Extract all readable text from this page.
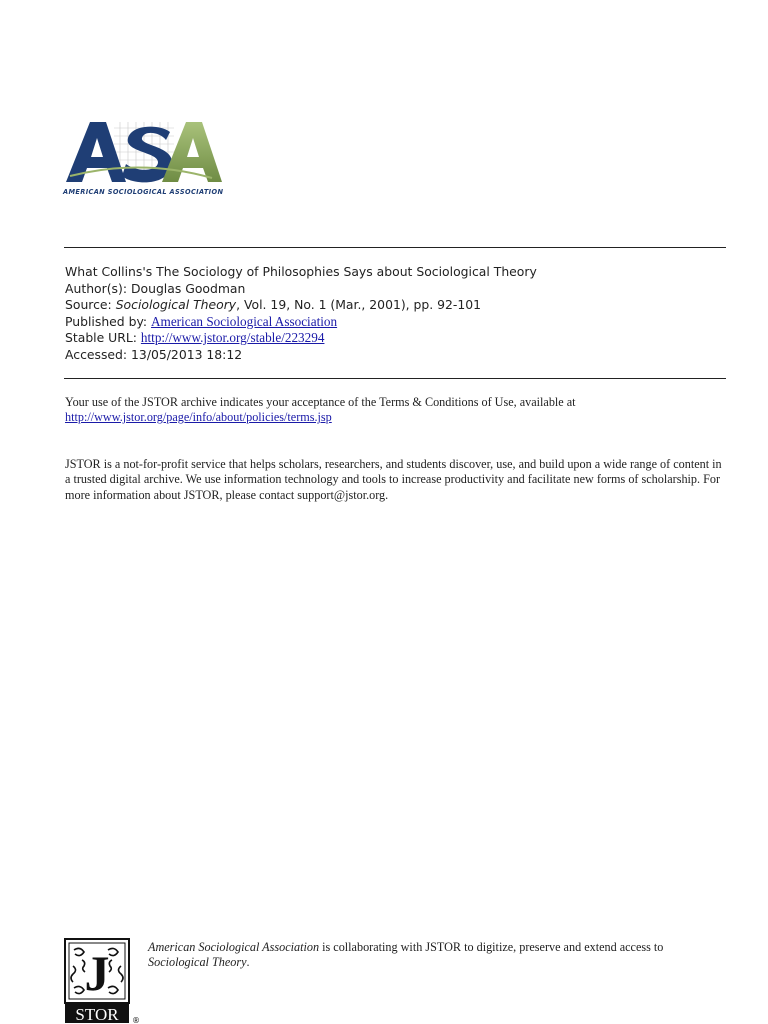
AMERICAN SOCIOLOGICAL ASSOCIATION
What Collins's The Sociology of Philosophies Says about Sociological Theory
Author(s): Douglas Goodman
Source: Sociological Theory, Vol. 19, No. 1 (Mar., 2001), pp. 92-101
Published by: American Sociological Association
Stable URL: http://www.jstor.org/stable/223294
Accessed: 13/05/2013 18:12
Your use of the JSTOR archive indicates your acceptance of the Terms & Conditions of Use, available at
http://www.jstor.org/page/info/about/policies/terms.jsp
JSTOR is a not-for-profit service that helps scholars, researchers, and students discover, use, and build upon a wide range of content in a trusted digital archive. We use information technology and tools to increase productivity and facilitate new forms of scholarship. For more information about JSTOR, please contact support@jstor.org.
J
STOR ®
American Sociological Association is collaborating with JSTOR to digitize, preserve and extend access to
Sociological Theory.
